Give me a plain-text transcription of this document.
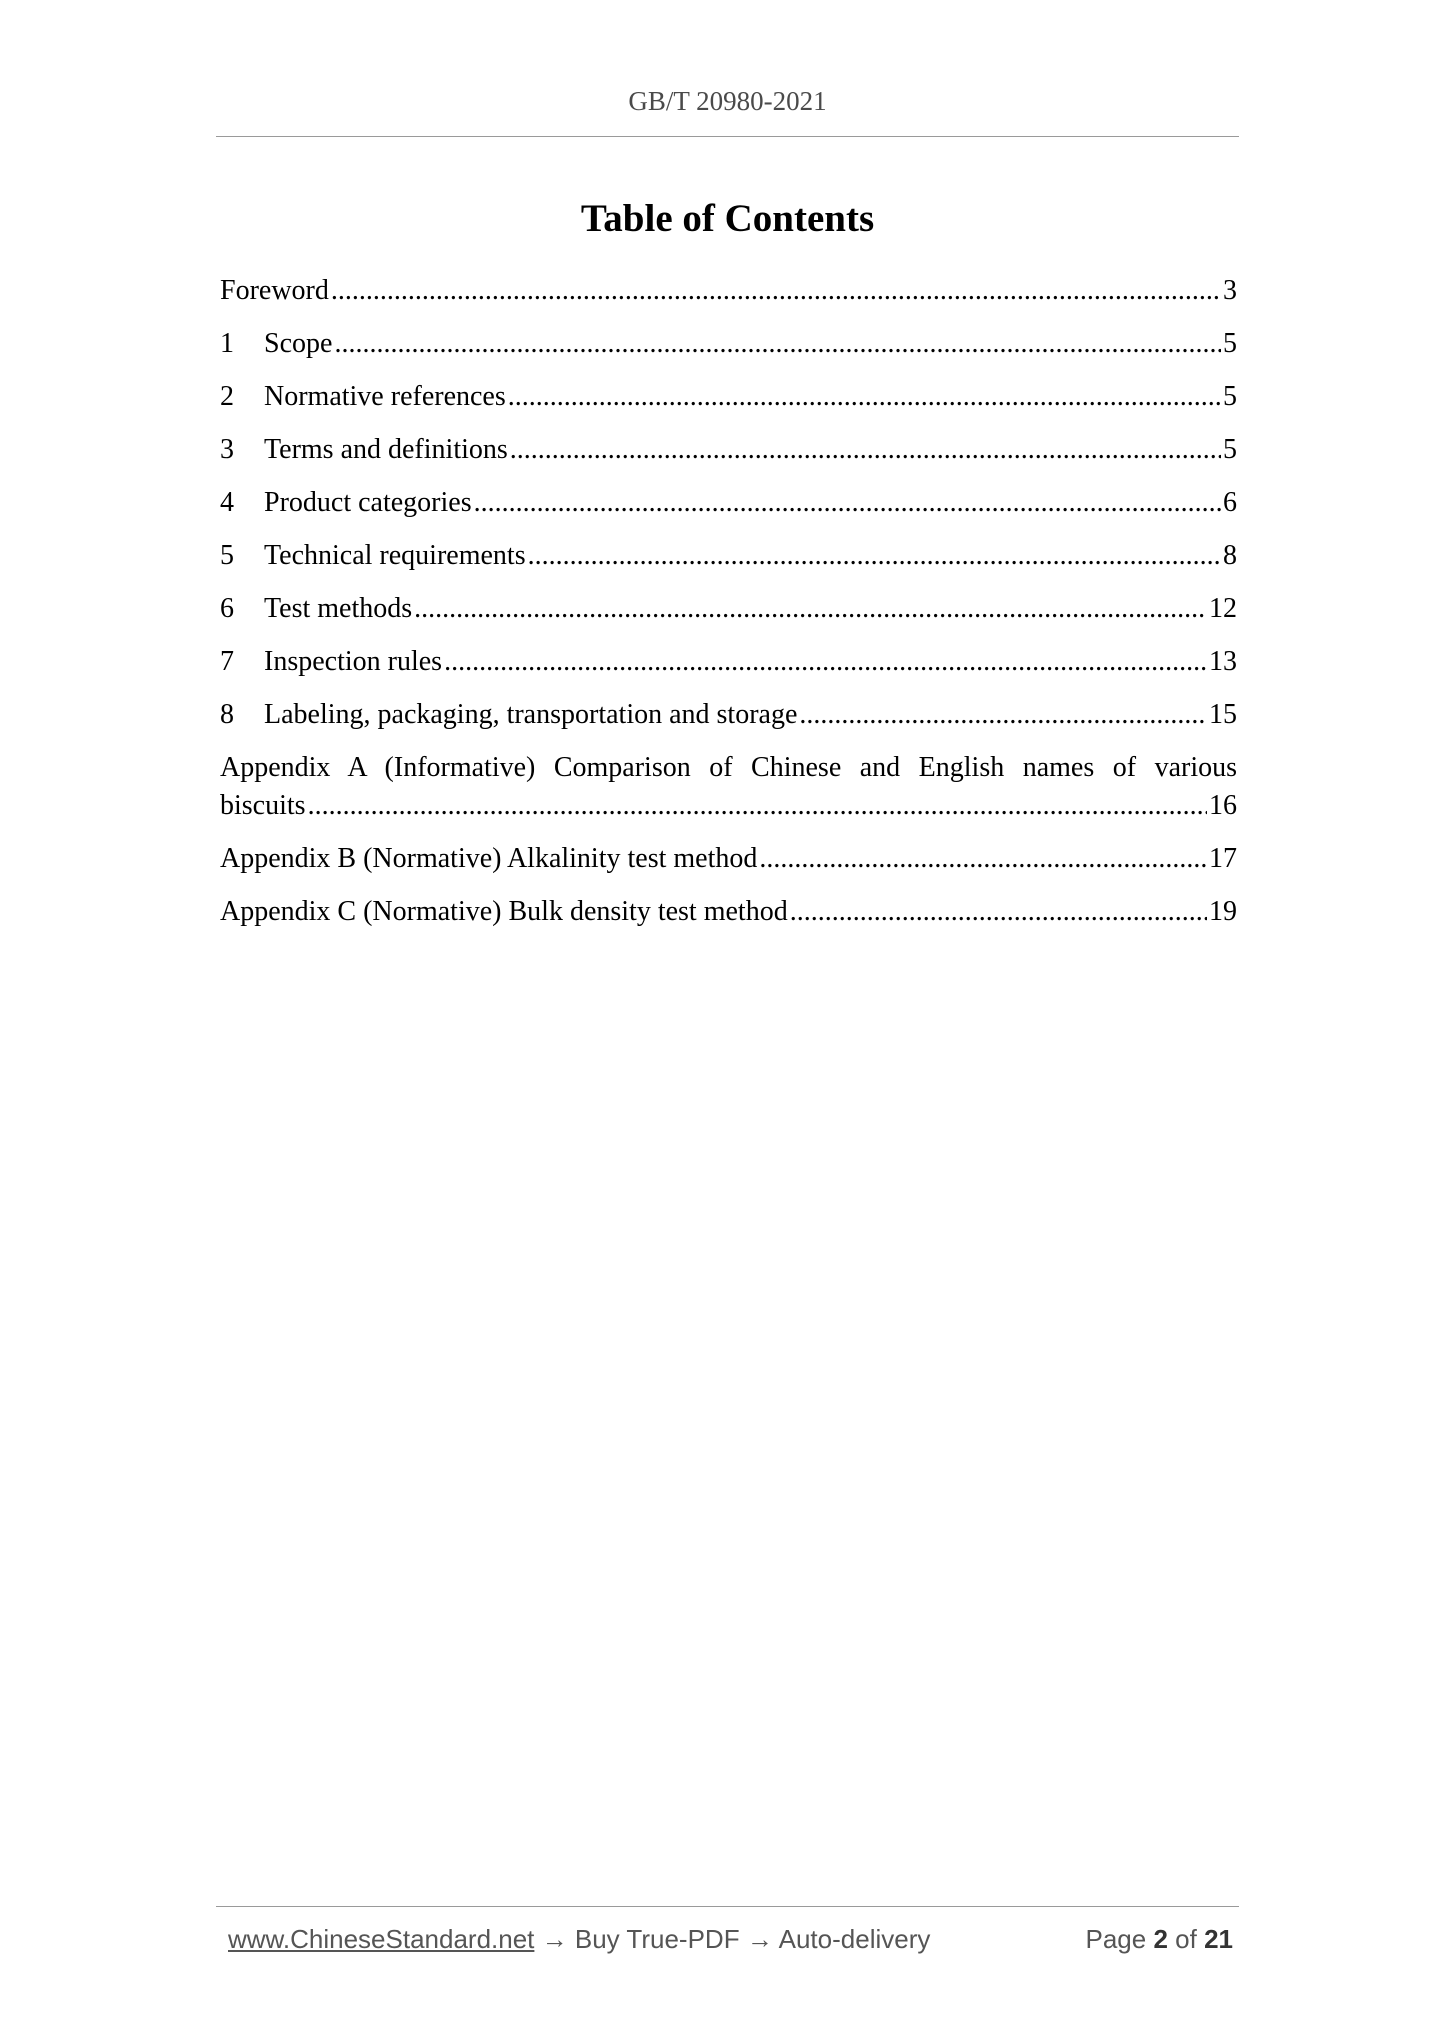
GB/T 20980-2021
Table of Contents
Foreword .....	3
1	Scope .....	5
2	Normative references .....	5
3	Terms and definitions .....	5
4	Product categories .....	6
5	Technical requirements .....	8
6	Test methods .....	12
7	Inspection rules .....	13
8	Labeling, packaging, transportation and storage .....	15
Appendix A (Informative) Comparison of Chinese and English names of various
biscuits .....	16
Appendix B (Normative) Alkalinity test method .....	17
Appendix C (Normative) Bulk density test method .....	19
www.ChineseStandard.net → Buy True-PDF → Auto-delivery	Page 2 of 21
